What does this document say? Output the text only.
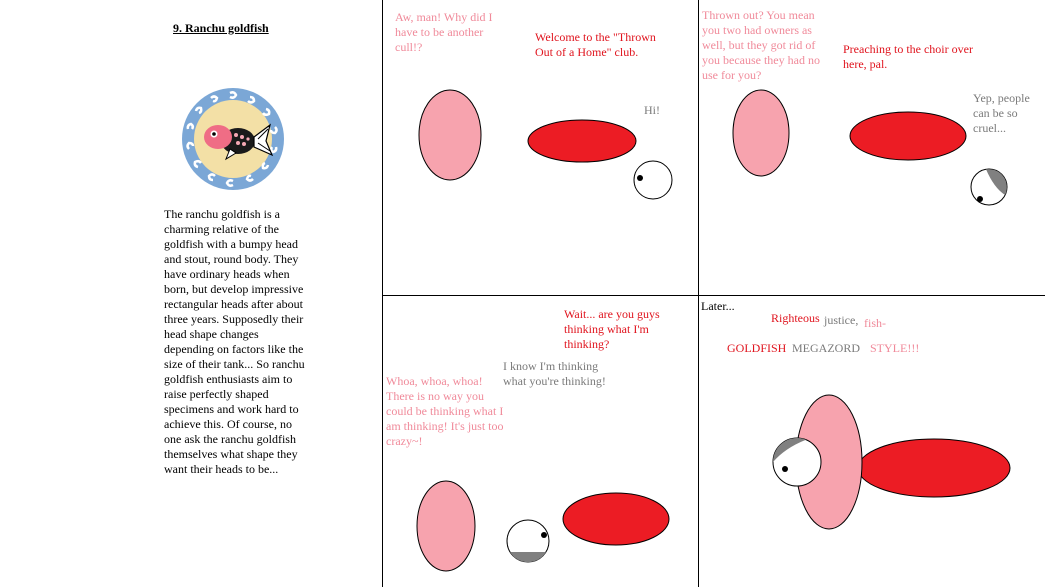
9. Ranchu goldfish
The ranchu goldfish is a charming relative of the goldfish with a bumpy head and stout, round body. They have ordinary heads when born, but develop impressive rectangular heads after about three years. Supposedly their head shape changes depending on factors like the size of their tank... So ranchu goldfish enthusiasts aim to raise perfectly shaped specimens and work hard to achieve this. Of course, no one ask the ranchu goldfish themselves what shape they want their heads to be...
Aw, man! Why did I have to be another cull!?
Welcome to the "Thrown Out of a Home" club.
Hi!
Thrown out? You mean you two had owners as well, but they got rid of you because they had no use for you?
Preaching to the choir over here, pal.
Yep, people can be so cruel...
Wait... are you guys thinking what I'm thinking?
I know I'm thinking what you're thinking!
Whoa, whoa, whoa! There is no way you could be thinking what I am thinking! It's just too crazy~!
Later...
Righteous justice, fish-
GOLDFISH MEGAZORD STYLE!!!
